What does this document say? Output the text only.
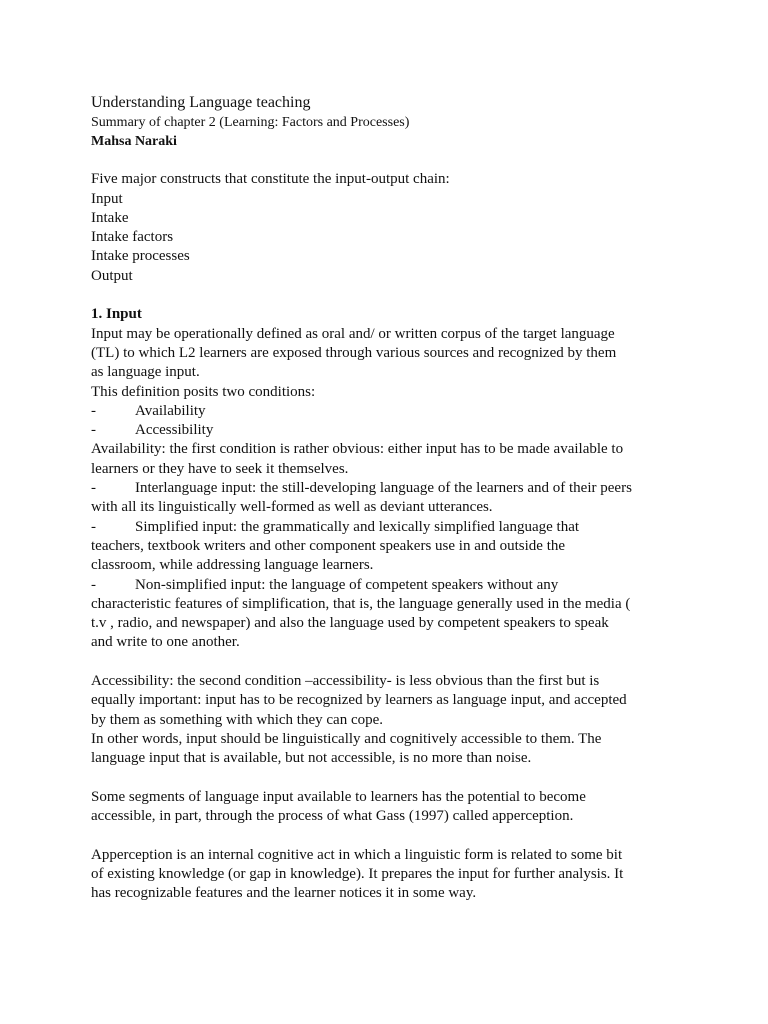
Understanding Language teaching
Summary of chapter 2 (Learning: Factors and Processes)
Mahsa Naraki
Five major constructs that constitute the input-output chain:
Input
Intake
Intake factors
Intake processes
Output
1. Input
Input may be operationally defined as oral and/ or written corpus of the target language
(TL) to which L2 learners are exposed through various sources and recognized by them
as language input.
This definition posits two conditions:
-	Availability
-	Accessibility
Availability: the first condition is rather obvious: either input has to be made available to
learners or they have to seek it themselves.
-	Interlanguage input: the still-developing language of the learners and of their peers
with all its linguistically well-formed as well as deviant utterances.
-	Simplified input: the grammatically and lexically simplified language that
teachers, textbook writers and other component speakers use in and outside the
classroom, while addressing language learners.
-	Non-simplified input: the language of competent speakers without any
characteristic features of simplification, that is, the language generally used in the media (
t.v , radio, and newspaper) and also the language used by competent speakers to speak
and write to one another.
Accessibility: the second condition –accessibility- is less obvious than the first but is
equally important: input has to be recognized by learners as language input, and accepted
by them as something with which they can cope.
In other words, input should be linguistically and cognitively accessible to them. The
language input that is available, but not accessible, is no more than noise.
Some segments of language input available to learners has the potential to become
accessible, in part, through the process of what Gass (1997) called apperception.
Apperception is an internal cognitive act in which a linguistic form is related to some bit
of existing knowledge (or gap in knowledge). It prepares the input for further analysis. It
has recognizable features and the learner notices it in some way.
